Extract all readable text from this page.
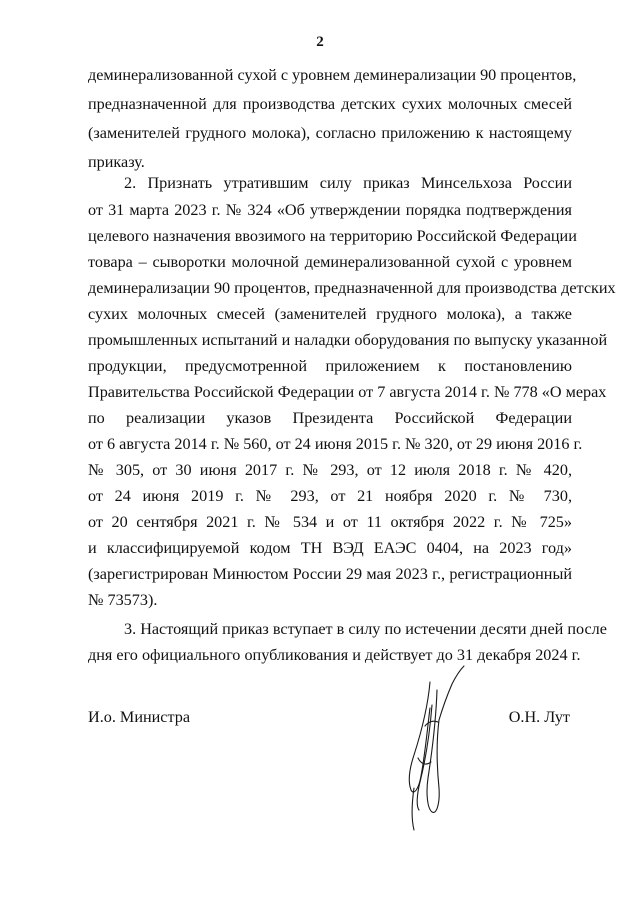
2
деминерализованной сухой с уровнем деминерализации 90 процентов,
предназначенной для производства детских сухих молочных смесей
(заменителей грудного молока), согласно приложению к настоящему
приказу.
2. Признать утратившим силу приказ Минсельхоза России
от 31 марта 2023 г. № 324 «Об утверждении порядка подтверждения
целевого назначения ввозимого на территорию Российской Федерации
товара – сыворотки молочной деминерализованной сухой с уровнем
деминерализации 90 процентов, предназначенной для производства детских
сухих молочных смесей (заменителей грудного молока), а также
промышленных испытаний и наладки оборудования по выпуску указанной
продукции, предусмотренной приложением к постановлению
Правительства Российской Федерации от 7 августа 2014 г. № 778 «О мерах
по реализации указов Президента Российской Федерации
от 6 августа 2014 г. № 560, от 24 июня 2015 г. № 320, от 29 июня 2016 г.
№ 305, от 30 июня 2017 г. № 293, от 12 июля 2018 г. № 420,
от 24 июня 2019 г. № 293, от 21 ноября 2020 г. № 730,
от 20 сентября 2021 г. № 534 и от 11 октября 2022 г. № 725»
и классифицируемой кодом ТН ВЭД ЕАЭС 0404, на 2023 год»
(зарегистрирован Минюстом России 29 мая 2023 г., регистрационный
№ 73573).
3. Настоящий приказ вступает в силу по истечении десяти дней после
дня его официального опубликования и действует до 31 декабря 2024 г.
И.о. Министра	О.Н. Лут
